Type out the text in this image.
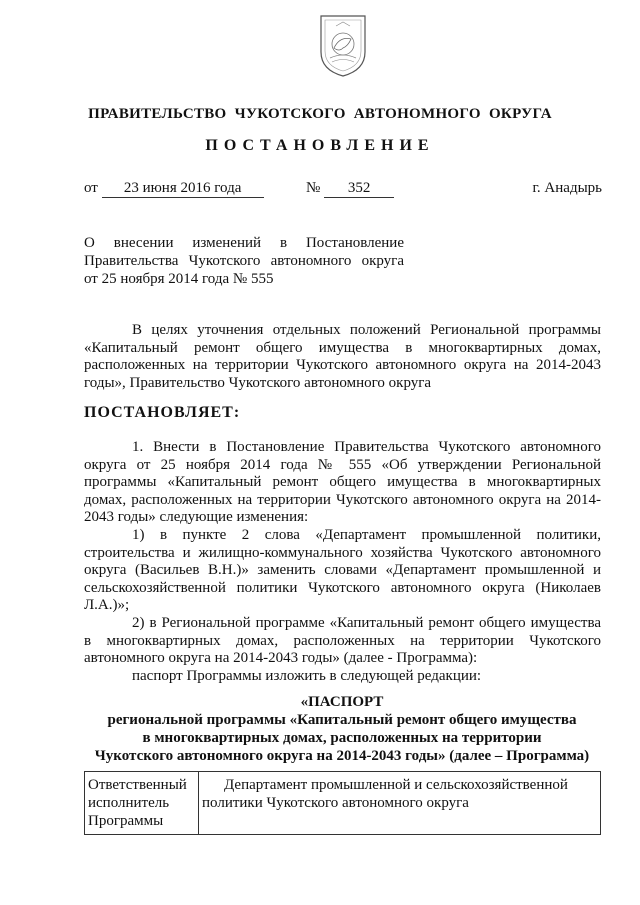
ПРАВИТЕЛЬСТВО  ЧУКОТСКОГО  АВТОНОМНОГО  ОКРУГА
ПОСТАНОВЛЕНИЕ
от 23 июня 2016 года	№ 352	г. Анадырь
О внесении изменений в Постановление
Правительства Чукотского автономного округа
от 25 ноября 2014 года № 555

В целях уточнения отдельных положений Региональной программы «Капитальный ремонт общего имущества в многоквартирных домах, расположенных на территории Чукотского автономного округа на 2014-2043 годы», Правительство Чукотского автономного округа

ПОСТАНОВЛЯЕТ:

1. Внести в Постановление Правительства Чукотского автономного округа от 25 ноября 2014 года № 555 «Об утверждении Региональной программы «Капитальный ремонт общего имущества в многоквартирных домах, расположенных на территории Чукотского автономного округа на 2014-2043 годы» следующие изменения:

1) в пункте 2 слова «Департамент промышленной политики, строительства и жилищно-коммунального хозяйства Чукотского автономного округа (Васильев В.Н.)» заменить словами «Департамент промышленной и сельскохозяйственной политики Чукотского автономного округа (Николаев Л.А.)»;

2) в Региональной программе «Капитальный ремонт общего имущества в многоквартирных домах, расположенных на территории Чукотского автономного округа на 2014-2043 годы» (далее - Программа):

паспорт Программы изложить в следующей редакции:

«ПАСПОРТ
региональной программы «Капитальный ремонт общего имущества
в многоквартирных домах, расположенных на территории
Чукотского автономного округа на 2014-2043 годы» (далее – Программа)
Ответственный исполнитель Программы	Департамент промышленной и сельскохозяйственной политики Чукотского автономного округа
